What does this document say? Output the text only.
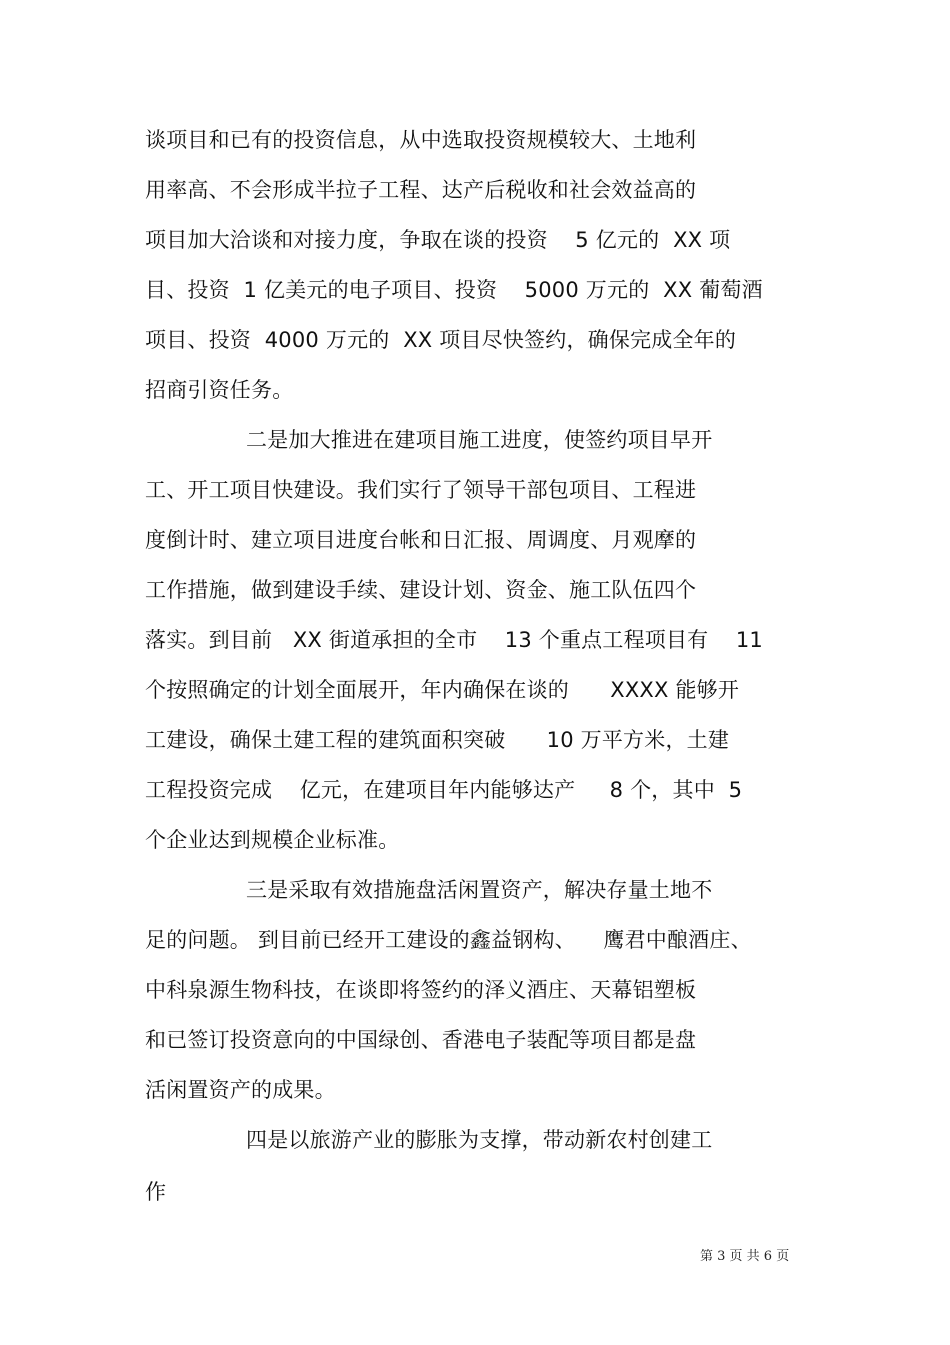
谈项目和已有的投资信息，从中选取投资规模较大、土地利
用率高、不会形成半拉子工程、达产后税收和社会效益高的
项目加大洽谈和对接力度，争取在谈的投资    5 亿元的  XX 项
目、投资  1 亿美元的电子项目、投资    5000 万元的  XX 葡萄酒
项目、投资  4000 万元的  XX 项目尽快签约，确保完成全年的
招商引资任务。
二是加大推进在建项目施工进度，使签约项目早开
工、开工项目快建设。我们实行了领导干部包项目、工程进
度倒计时、建立项目进度台帐和日汇报、周调度、月观摩的
工作措施，做到建设手续、建设计划、资金、施工队伍四个
落实。到目前   XX 街道承担的全市    13 个重点工程项目有    11
个按照确定的计划全面展开，年内确保在谈的      XXXX 能够开
工建设，确保土建工程的建筑面积突破      10 万平方米，土建
工程投资完成    亿元，在建项目年内能够达产     8 个，其中  5
个企业达到规模企业标准。
三是采取有效措施盘活闲置资产，解决存量土地不
足的问题。 到目前已经开工建设的鑫益钢构、    鹰君中酿酒庄、
中科泉源生物科技，在谈即将签约的泽义酒庄、天幕铝塑板
和已签订投资意向的中国绿创、香港电子装配等项目都是盘
活闲置资产的成果。
四是以旅游产业的膨胀为支撑，带动新农村创建工
作
第 3 页 共 6 页
